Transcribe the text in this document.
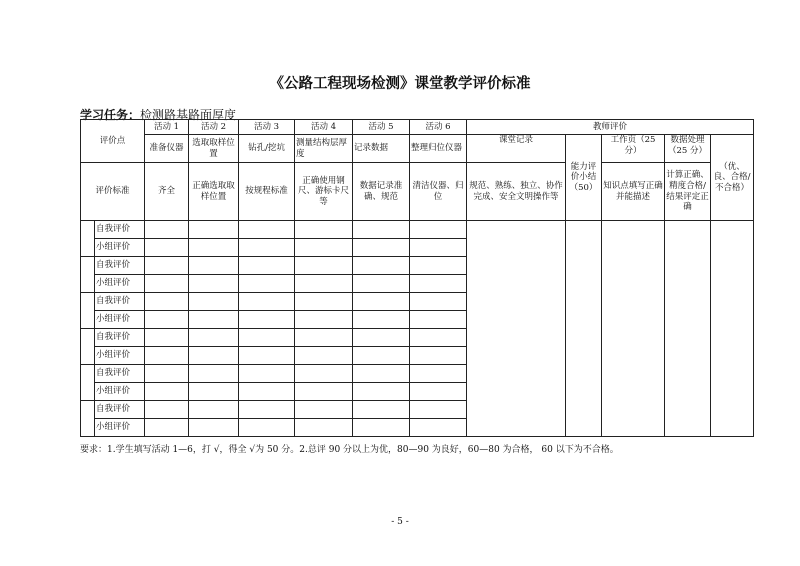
《公路工程现场检测》课堂教学评价标准
学习任务：检测路基路面厚度
评价点		活动 1	活动 2	活动 3	活动 4	活动 5	活动 6	教师评价				
		准备仪器	选取取样位置	钻孔/挖坑	测量结构层厚度	记录数据	整理归位仪器	课堂记录	能力评价小结（50）	工作页（25 分）	数据处理（25 分）	（优、良、合格/不合格）
评价标准		齐全	正确选取取样位置	按规程标准	正确使用钢尺、游标卡尺等	数据记录准确、规范	清洁仪器、归位	规范、熟练、独立、协作完成、安全文明操作等		知识点填写正确并能描述	计算正确、精度合格/结果评定正确	
	自我评价											
	小组评价											
	自我评价											
	小组评价											
	自我评价											
	小组评价											
	自我评价											
	小组评价											
	自我评价											
	小组评价											
	自我评价											
	小组评价											
要求：1.学生填写活动 1—6，打 √，得全 √为 50 分。2.总评 90 分以上为优，80—90 为良好，60—80 为合格， 60 以下为不合格。
- 5 -
